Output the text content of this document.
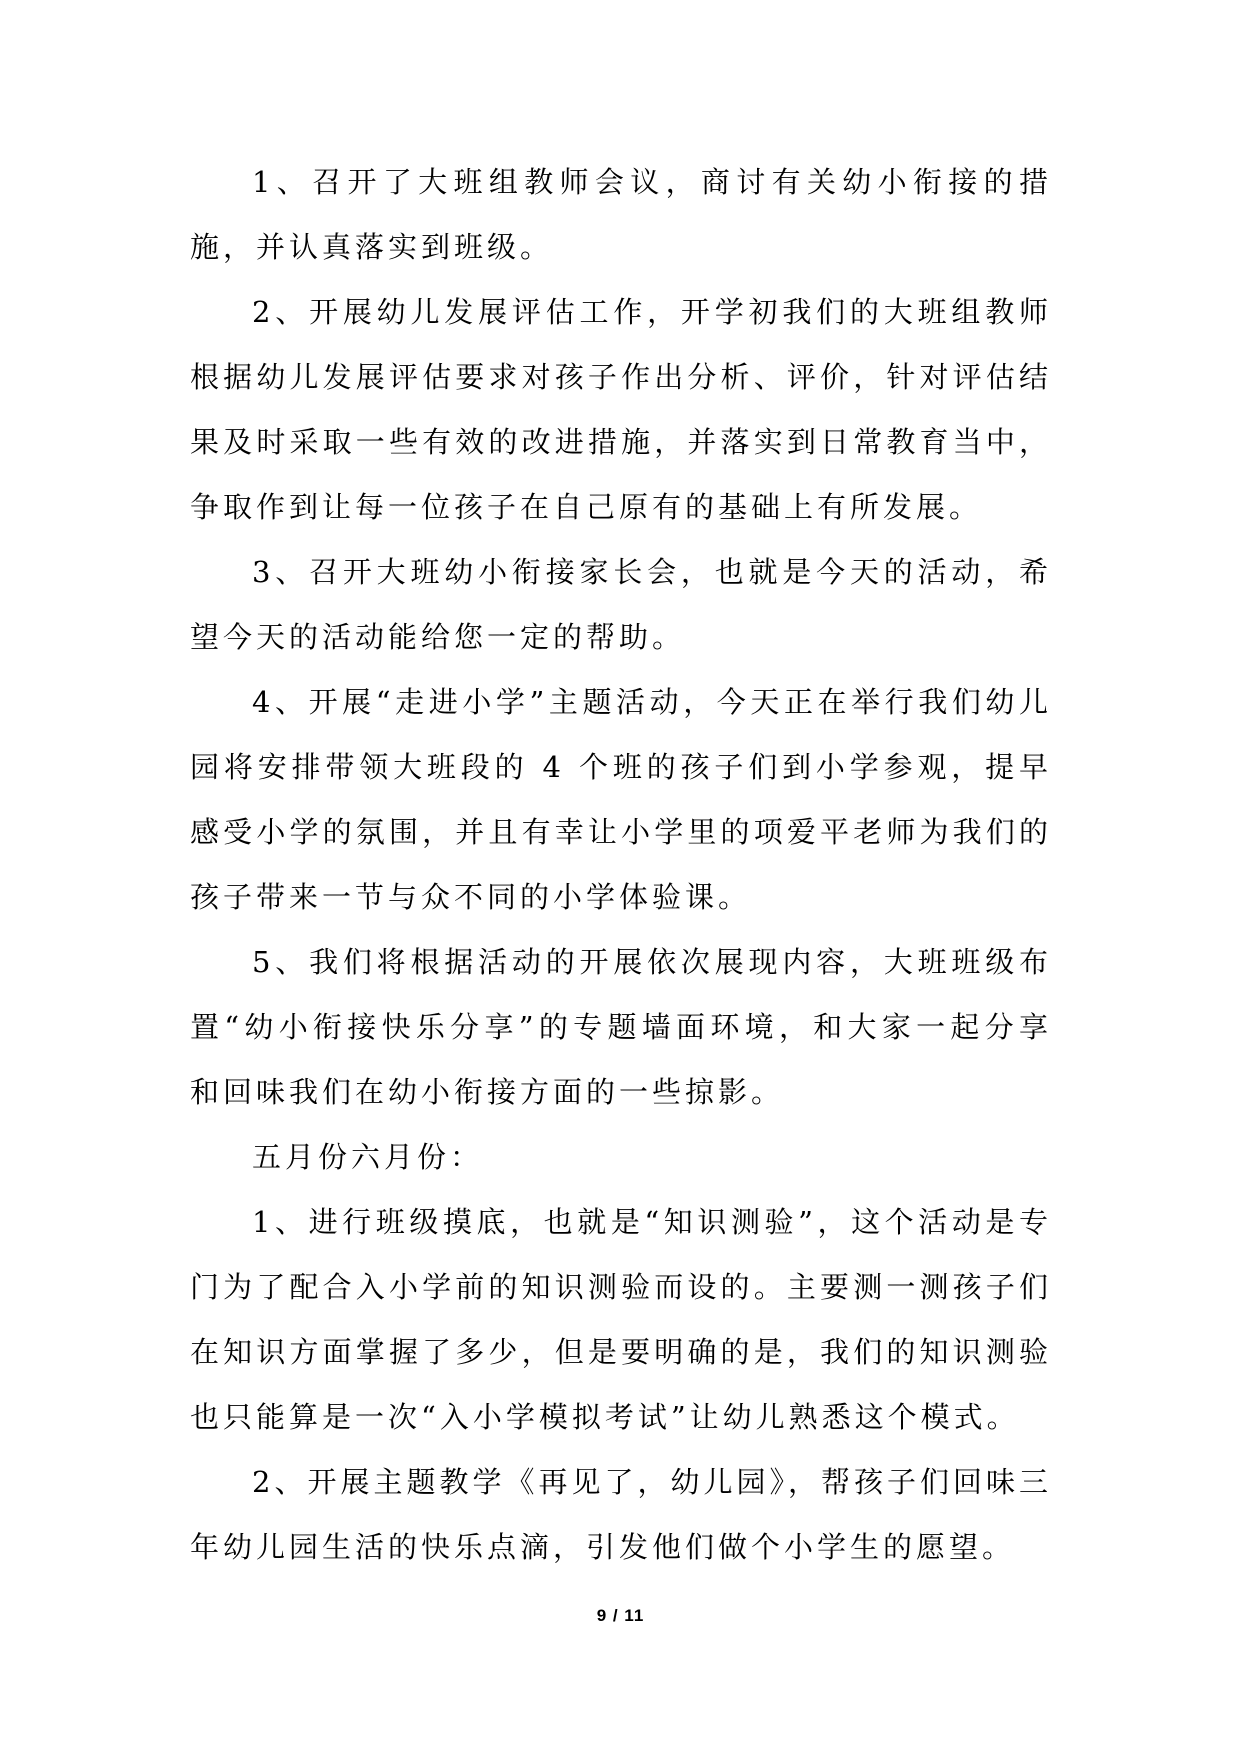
1、召开了大班组教师会议，商讨有关幼小衔接的措施，并认真落实到班级。

2、开展幼儿发展评估工作，开学初我们的大班组教师根据幼儿发展评估要求对孩子作出分析、评价，针对评估结果及时采取一些有效的改进措施，并落实到日常教育当中，争取作到让每一位孩子在自己原有的基础上有所发展。

3、召开大班幼小衔接家长会，也就是今天的活动，希望今天的活动能给您一定的帮助。

4、开展“走进小学”主题活动，今天正在举行我们幼儿园将安排带领大班段的 4 个班的孩子们到小学参观，提早感受小学的氛围，并且有幸让小学里的项爱平老师为我们的孩子带来一节与众不同的小学体验课。

5、我们将根据活动的开展依次展现内容，大班班级布置“幼小衔接快乐分享”的专题墙面环境，和大家一起分享和回味我们在幼小衔接方面的一些掠影。

五月份六月份：

1、进行班级摸底，也就是“知识测验”，这个活动是专门为了配合入小学前的知识测验而设的。主要测一测孩子们在知识方面掌握了多少，但是要明确的是，我们的知识测验也只能算是一次“入小学模拟考试”让幼儿熟悉这个模式。

2、开展主题教学《再见了，幼儿园》，帮孩子们回味三年幼儿园生活的快乐点滴，引发他们做个小学生的愿望。

9 / 11
